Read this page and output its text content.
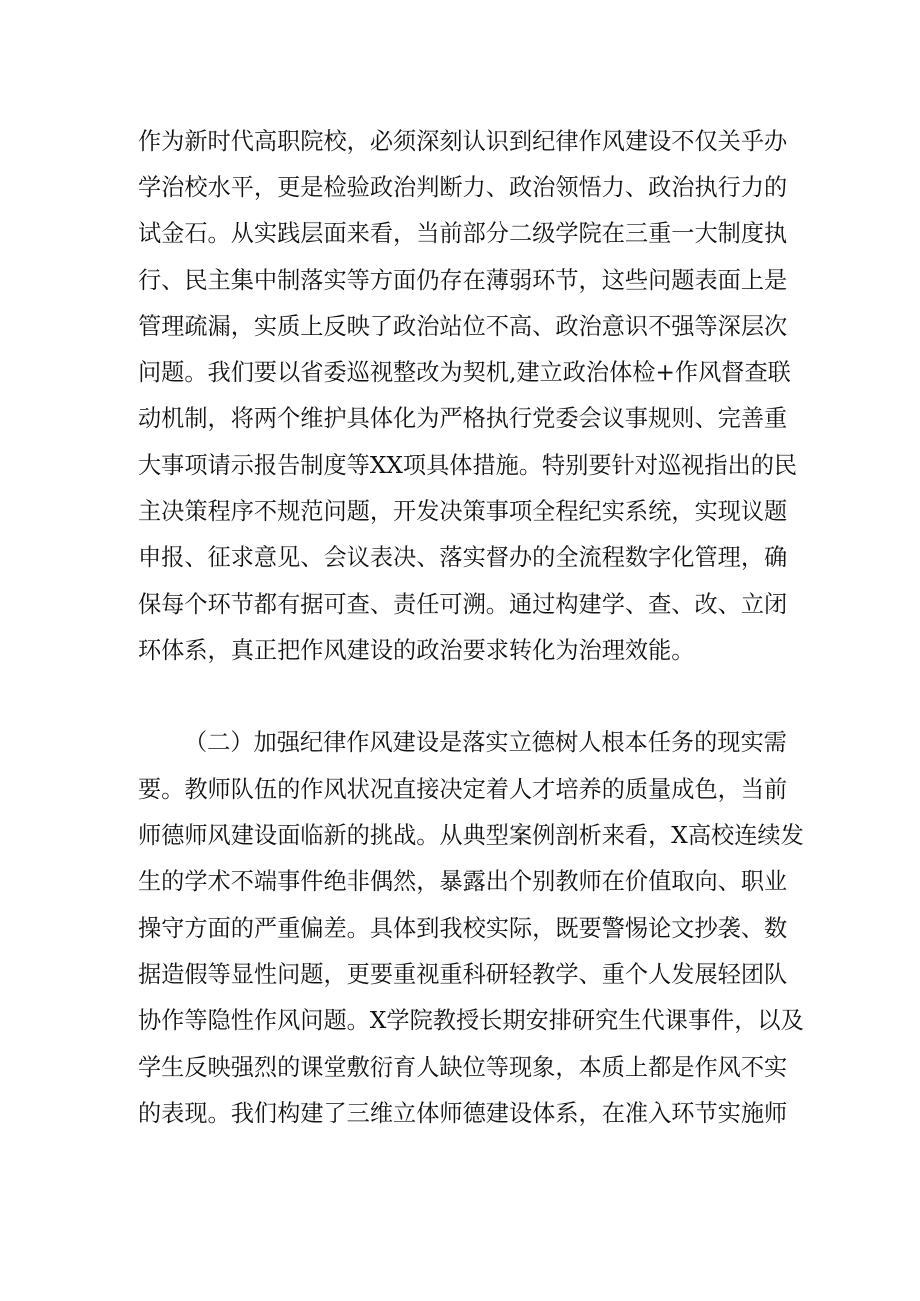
作为新时代高职院校，必须深刻认识到纪律作风建设不仅关乎办
学治校水平，更是检验政治判断力、政治领悟力、政治执行力的
试金石。从实践层面来看，当前部分二级学院在三重一大制度执
行、民主集中制落实等方面仍存在薄弱环节，这些问题表面上是
管理疏漏，实质上反映了政治站位不高、政治意识不强等深层次
问题。我们要以省委巡视整改为契机,建立政治体检+作风督查联
动机制，将两个维护具体化为严格执行党委会议事规则、完善重
大事项请示报告制度等XX项具体措施。特别要针对巡视指出的民
主决策程序不规范问题，开发决策事项全程纪实系统，实现议题
申报、征求意见、会议表决、落实督办的全流程数字化管理，确
保每个环节都有据可查、责任可溯。通过构建学、查、改、立闭
环体系，真正把作风建设的政治要求转化为治理效能。
（二）加强纪律作风建设是落实立德树人根本任务的现实需
要。教师队伍的作风状况直接决定着人才培养的质量成色，当前
师德师风建设面临新的挑战。从典型案例剖析来看，X高校连续发
生的学术不端事件绝非偶然，暴露出个别教师在价值取向、职业
操守方面的严重偏差。具体到我校实际，既要警惕论文抄袭、数
据造假等显性问题，更要重视重科研轻教学、重个人发展轻团队
协作等隐性作风问题。X学院教授长期安排研究生代课事件，以及
学生反映强烈的课堂敷衍育人缺位等现象，本质上都是作风不实
的表现。我们构建了三维立体师德建设体系，在准入环节实施师
